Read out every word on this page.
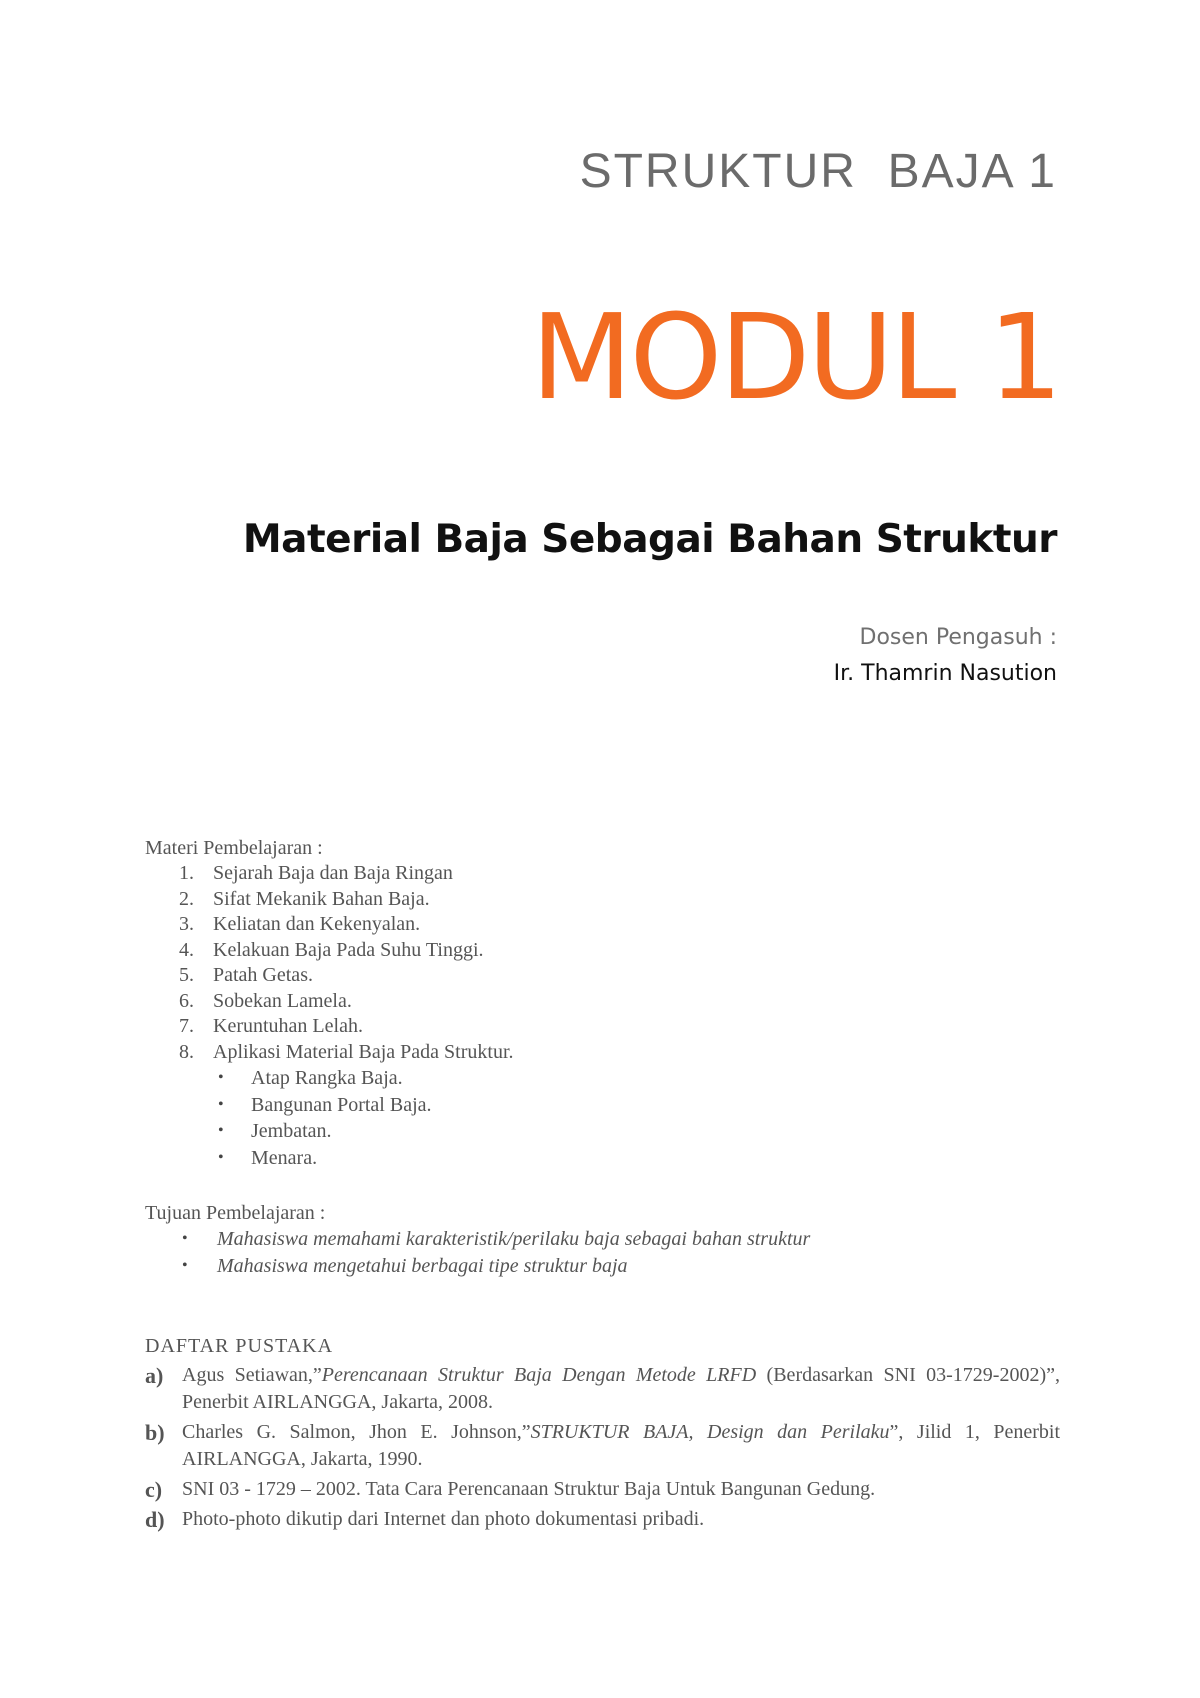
STRUKTUR  BAJA 1
MODUL 1
Material Baja Sebagai Bahan Struktur
Dosen Pengasuh :
Ir. Thamrin Nasution
Materi Pembelajaran :
1. Sejarah Baja dan Baja Ringan
2. Sifat Mekanik Bahan Baja.
3. Keliatan dan Kekenyalan.
4. Kelakuan Baja Pada Suhu Tinggi.
5. Patah Getas.
6. Sobekan Lamela.
7. Keruntuhan Lelah.
8. Aplikasi Material Baja Pada Struktur.
• Atap Rangka Baja.
• Bangunan Portal Baja.
• Jembatan.
• Menara.
Tujuan Pembelajaran :
• Mahasiswa memahami karakteristik/perilaku baja sebagai bahan struktur
• Mahasiswa mengetahui berbagai tipe struktur baja
DAFTAR PUSTAKA
a) Agus Setiawan,”Perencanaan Struktur Baja Dengan Metode LRFD (Berdasarkan SNI 03-1729-2002)”, Penerbit AIRLANGGA, Jakarta, 2008.
b) Charles G. Salmon, Jhon E. Johnson,”STRUKTUR BAJA, Design dan Perilaku”, Jilid 1, Penerbit AIRLANGGA, Jakarta, 1990.
c) SNI 03 - 1729 – 2002. Tata Cara Perencanaan Struktur Baja Untuk Bangunan Gedung.
d) Photo-photo dikutip dari Internet dan photo dokumentasi pribadi.
